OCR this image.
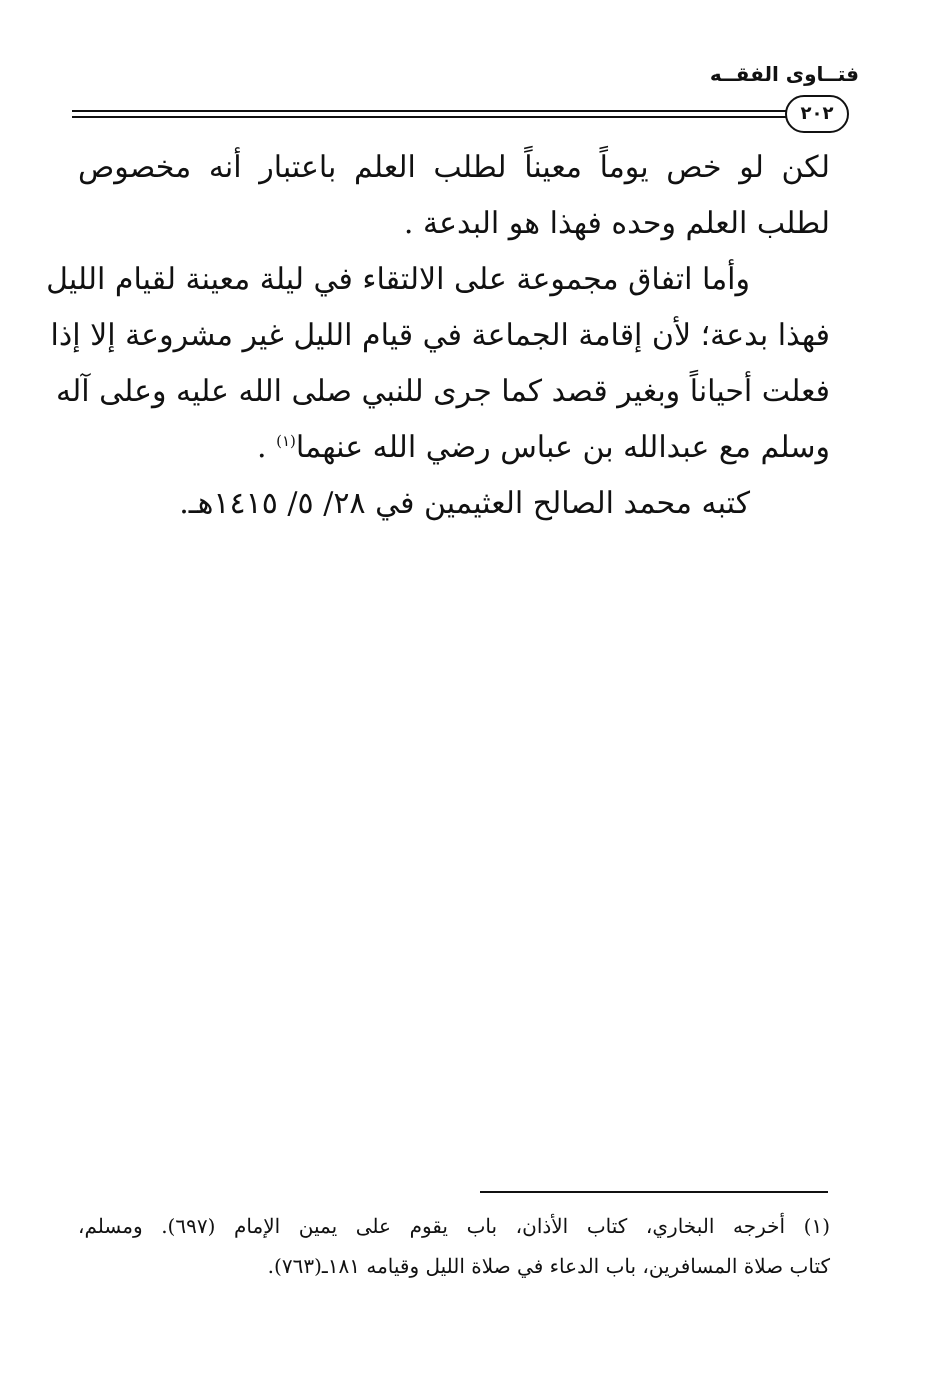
فتــاوى الفقــه
٢٠٢
لكن لو خص يوماً معيناً لطلب العلم باعتبار أنه مخصوص
لطلب العلم وحده فهذا هو البدعة .
وأما اتفاق مجموعة على الالتقاء في ليلة معينة لقيام الليل
فهذا بدعة؛ لأن إقامة الجماعة في قيام الليل غير مشروعة إلا إذا
فعلت أحياناً وبغير قصد كما جرى للنبي صلى الله عليه وعلى آله
وسلم مع عبدالله بن عباس رضي الله عنهما$^{(١)}$ .
كتبه محمد الصالح العثيمين في ٢٨/ ٥/ ١٤١٥هـ.
(١) أخرجه البخاري، كتاب الأذان، باب يقوم على يمين الإمام (٦٩٧). ومسلم،
كتاب صلاة المسافرين، باب الدعاء في صلاة الليل وقيامه ١٨١ـ(٧٦٣).
